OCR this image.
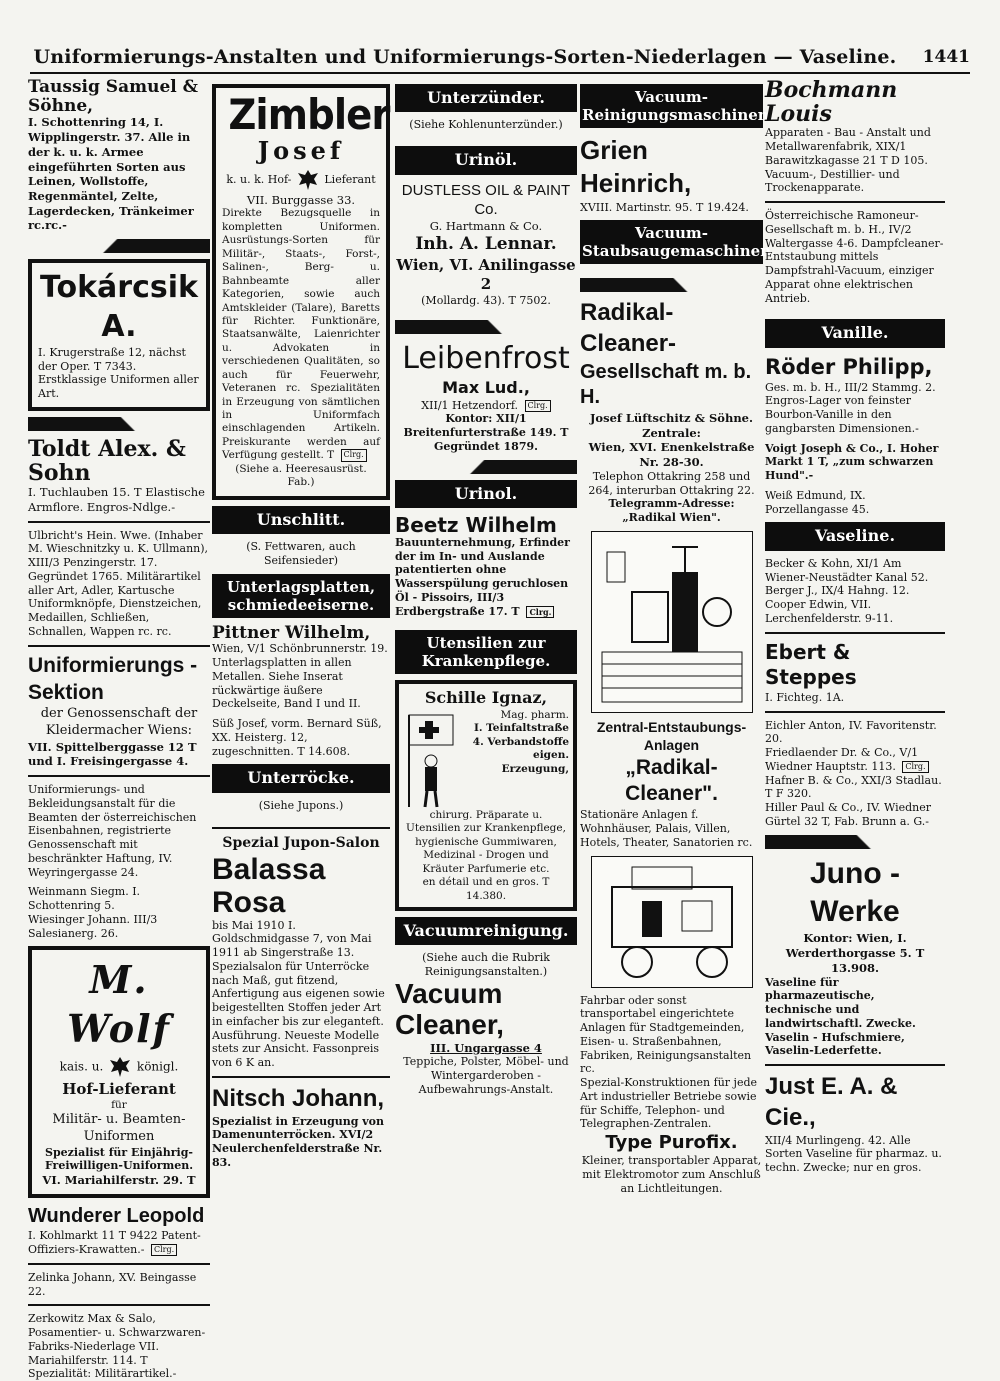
Uniformierungs-Anstalten und Uniformierungs-Sorten-Niederlagen — Vaseline.	1441
Taussig Samuel & Söhne,
I. Schottenring 14, I. Wipplingerstr. 37. Alle in der k. u. k. Armee eingeführten Sorten aus Leinen, Wollstoffe, Regenmäntel, Zelte, Lagerdecken, Tränkeimer rc.rc.-
Tokárcsik A.
I. Krugerstraße 12, nächst der Oper. T 7343. Erstklassige Uniformen aller Art.
Toldt Alex. & Sohn
I. Tuchlauben 15. T Elastische Armflore. Engros-Ndlge.-
Ulbricht's Hein. Wwe. (Inhaber M. Wieschnitzky u. K. Ullmann), XIII/3 Penzingerstr. 17. Gegründet 1765. Militärartikel aller Art, Adler, Kartusche Uniformknöpfe, Dienstzeichen, Medaillen, Schließen, Schnallen, Wappen rc. rc.
Uniformierungs - Sektion
der Genossenschaft der
Kleidermacher Wiens:
VII. Spittelberggasse 12 T und I. Freisingergasse 4.
Uniformierungs- und Bekleidungsanstalt für die Beamten der österreichischen Eisenbahnen, registrierte Genossenschaft mit beschränkter Haftung, IV. Weyringergasse 24.
Weinmann Siegm. I. Schottenring 5.
Wiesinger Johann. III/3 Salesianerg. 26.
M. Wolf
kais. u.	königl.
Hof-Lieferant
für
Militär- u. Beamten-
Uniformen
Spezialist für Einjährig-Freiwilligen-Uniformen.
VI. Mariahilferstr. 29. T
Wunderer Leopold
I. Kohlmarkt 11 T 9422 Patent-Offiziers-Krawatten.- Clrg.
Zelinka Johann, XV. Beingasse 22.
Zerkowitz Max & Salo, Posamentier- u. Schwarzwaren-Fabriks-Niederlage VII. Mariahilferstr. 114. T Spezialität: Militärartikel.-
Zimbler
Josef
k. u. k. Hof-	Lieferant
VII. Burggasse 33.
Direkte Bezugsquelle in kompletten Uniformen. Ausrüstungs-Sorten für Militär-, Staats-, Forst-, Salinen-, Berg- u. Bahnbeamte aller Kategorien, sowie auch Amtskleider (Talare), Baretts für Richter. Funktionäre, Staatsanwälte, Laienrichter u. Advokaten in verschiedenen Qualitäten, so auch für Feuerwehr, Veteranen rc. Spezialitäten in Erzeugung von sämtlichen in Uniformfach einschlagenden Artikeln. Preiskurante werden auf Verfügung gestellt. T Clrg.
(Siehe a. Heeresausrüst. Fab.)
Unschlitt.
(S. Fettwaren, auch Seifensieder)
Unterlagsplatten, schmiedeeiserne.
Pittner Wilhelm,
Wien, V/1 Schönbrunnerstr. 19. Unterlagsplatten in allen Metallen. Siehe Inserat rückwärtige äußere Deckelseite, Band I und II.
Süß Josef, vorm. Bernard Süß, XX. Heisterg. 12, zugeschnitten. T 14.608.
Unterröcke.
(Siehe Jupons.)
Spezial Jupon-Salon
Balassa Rosa
bis Mai 1910 I. Goldschmidgasse 7, von Mai 1911 ab Singerstraße 13. Spezialsalon für Unterröcke nach Maß, gut fitzend, Anfertigung aus eigenen sowie beigestellten Stoffen jeder Art in einfacher bis zur eleganteft. Ausführung. Neueste Modelle stets zur Ansicht. Fassonpreis von 6 K an.
Nitsch Johann,
Spezialist in Erzeugung von Damenunterröcken. XVI/2 Neulerchenfelderstraße Nr. 83.
Unterzünder.
(Siehe Kohlenunterzünder.)
Urinöl.
DUSTLESS OIL & PAINT Co.
G. Hartmann & Co.
Inh. A. Lennar.
Wien, VI. Anilingasse 2
(Mollardg. 43). T 7502.
Leibenfrost
Max Lud.,
XII/1 Hetzendorf. Clrg.
Kontor: XII/1 Breitenfurterstraße 149. T Gegründet 1879.
Urinol.
Beetz Wilhelm
Bauunternehmung, Erfinder der im In- und Auslande patentierten ohne Wasserspülung geruchlosen Öl - Pissoirs, III/3 Erdbergstraße 17. T Clrg.
Utensilien zur Krankenpflege.
Schille Ignaz,
Mag. pharm.
I. Teinfaltstraße 4. Verbandstoffe eigen. Erzeugung,
chirurg. Präparate u. Utensilien zur Krankenpflege, hygienische Gummiwaren, Medizinal - Drogen und Kräuter Parfumerie etc.
en détail und en gros. T 14.380.
Vacuumreinigung.
(Siehe auch die Rubrik Reinigungsanstalten.)
Vacuum Cleaner,
III. Ungargasse 4
Teppiche, Polster, Möbel- und Wintergarderoben - Aufbewahrungs-Anstalt.
Vacuum-Reinigungsmaschinen.
Grien Heinrich,
XVIII. Martinstr. 95. T 19.424.
Vacuum-Staubsaugemaschinen.
Radikal-Cleaner-
Gesellschaft m. b. H.
Josef Lüftschitz & Söhne.
Zentrale:
Wien, XVI. Enenkelstraße Nr. 28-30.
Telephon Ottakring 258 und 264, interurban Ottakring 22.
Telegramm-Adresse: „Radikal Wien".
Zentral-Entstaubungs-Anlagen
„Radikal-Cleaner".
Stationäre Anlagen f. Wohnhäuser, Palais, Villen, Hotels, Theater, Sanatorien rc.
Fahrbar oder sonst transportabel eingerichtete Anlagen für Stadtgemeinden, Eisen- u. Straßenbahnen, Fabriken, Reinigungsanstalten rc.
Spezial-Konstruktionen für jede Art industrieller Betriebe sowie für Schiffe, Telephon- und Telegraphen-Zentralen.
Type Purofix.
Kleiner, transportabler Apparat, mit Elektromotor zum Anschluß an Lichtleitungen.
Bochmann Louis
Apparaten - Bau - Anstalt und Metallwarenfabrik, XIX/1 Barawitzkagasse 21 T D 105. Vacuum-, Destillier- und Trockenapparate.
Österreichische Ramoneur-Gesellschaft m. b. H., IV/2 Waltergasse 4-6. Dampfcleaner-Entstaubung mittels Dampfstrahl-Vacuum, einziger Apparat ohne elektrischen Antrieb.
Vanille.
Röder Philipp,
Ges. m. b. H., III/2 Stammg. 2. Engros-Lager von feinster Bourbon-Vanille in den gangbarsten Dimensionen.-
Voigt Joseph & Co., I. Hoher Markt 1 T, „zum schwarzen Hund".-
Weiß Edmund, IX. Porzellangasse 45.
Vaseline.
Becker & Kohn, XI/1 Am Wiener-Neustädter Kanal 52.
Berger J., IX/4 Hahng. 12.
Cooper Edwin, VII. Lerchenfelderstr. 9-11.
Ebert & Steppes
I. Fichteg. 1A.
Eichler Anton, IV. Favoritenstr. 20.
Friedlaender Dr. & Co., V/1 Wiedner Hauptstr. 113. Clrg.
Hafner B. & Co., XXI/3 Stadlau. T F 320.
Hiller Paul & Co., IV. Wiedner Gürtel 32 T, Fab. Brunn a. G.-
Juno - Werke
Kontor: Wien, I. Werderthorgasse 5. T 13.908.
Vaseline für pharmazeutische, technische und landwirtschaftl. Zwecke.
Vaselin - Hufschmiere, Vaselin-Lederfette.
Just E. A. & Cie.,
XII/4 Murlingeng. 42. Alle Sorten Vaseline für pharmaz. u. techn. Zwecke; nur en gros.
